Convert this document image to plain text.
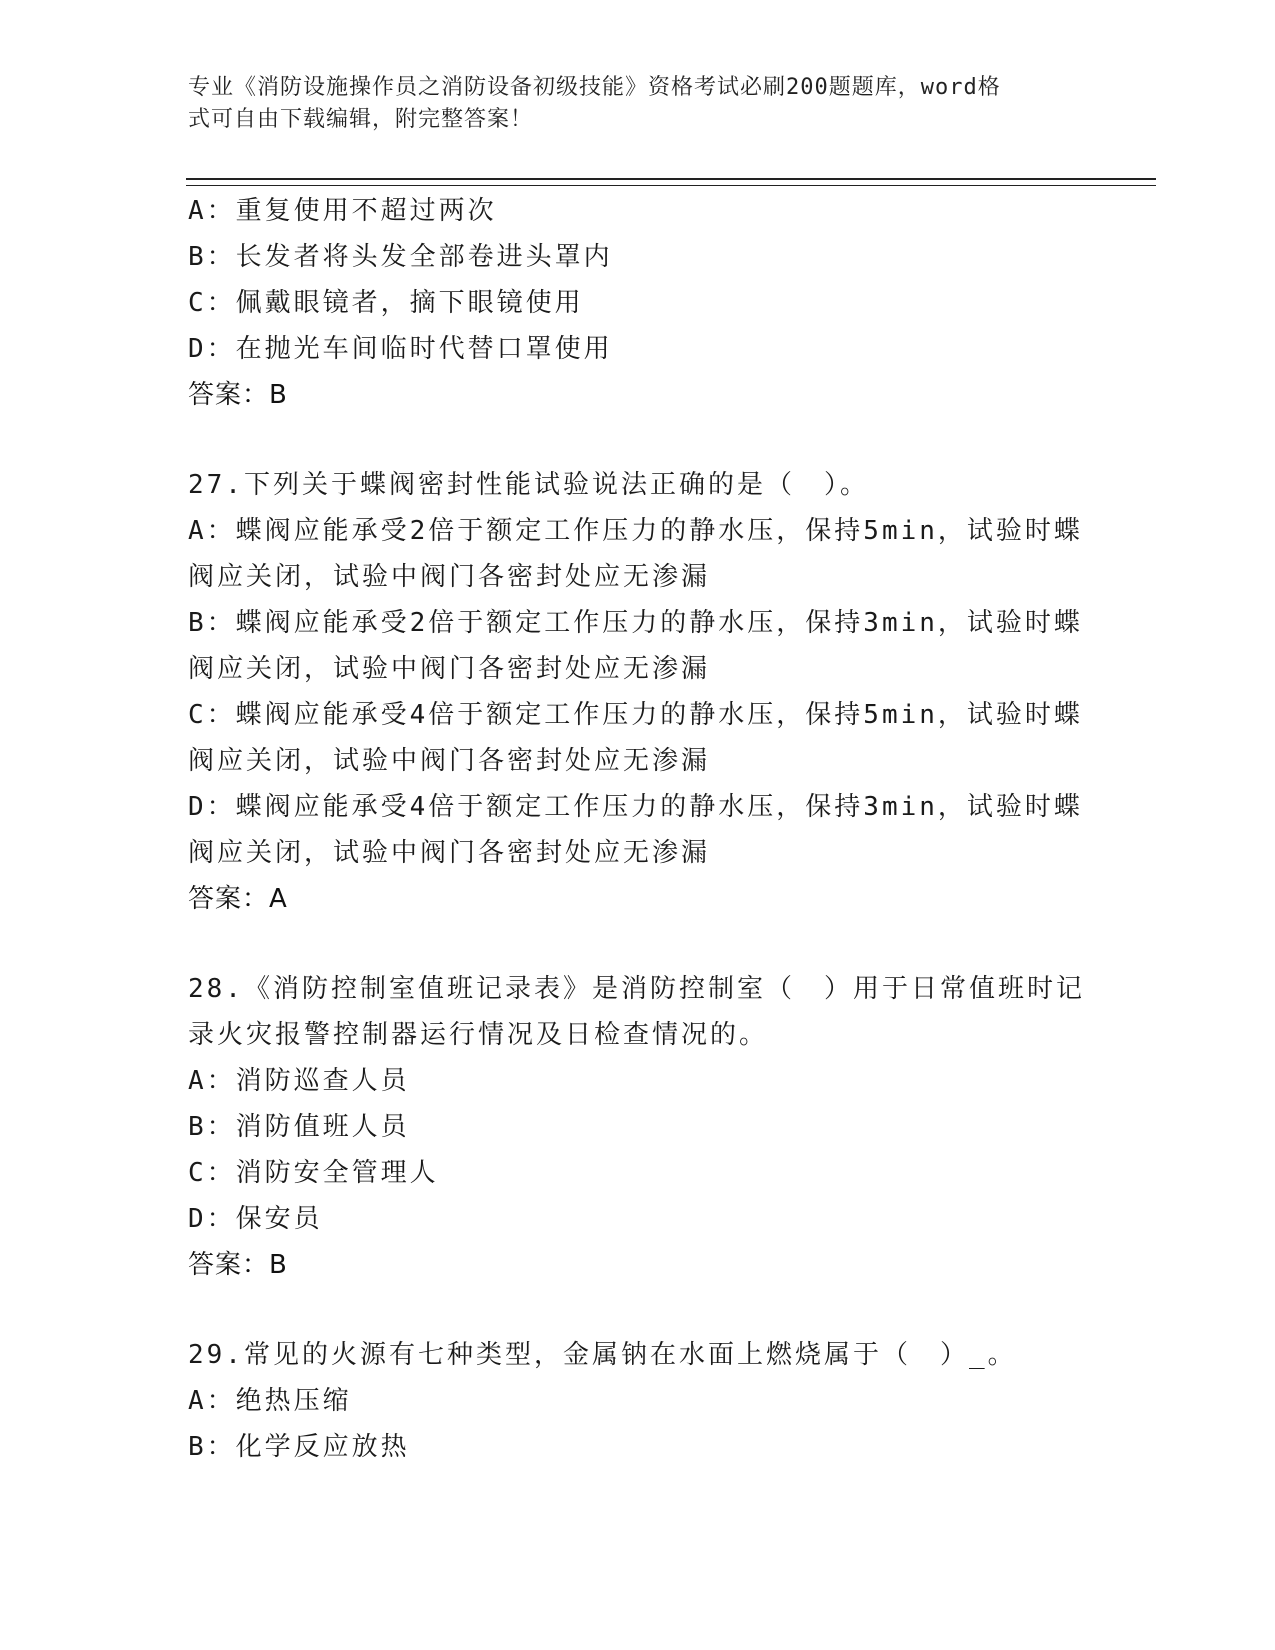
专业《消防设施操作员之消防设备初级技能》资格考试必刷200题题库，word格
式可自由下载编辑，附完整答案！
A：重复使用不超过两次
B：长发者将头发全部卷进头罩内
C：佩戴眼镜者，摘下眼镜使用
D：在抛光车间临时代替口罩使用
答案：B
27.下列关于蝶阀密封性能试验说法正确的是（　）。
A：蝶阀应能承受2倍于额定工作压力的静水压，保持5min，试验时蝶
阀应关闭，试验中阀门各密封处应无渗漏
B：蝶阀应能承受2倍于额定工作压力的静水压，保持3min，试验时蝶
阀应关闭，试验中阀门各密封处应无渗漏
C：蝶阀应能承受4倍于额定工作压力的静水压，保持5min，试验时蝶
阀应关闭，试验中阀门各密封处应无渗漏
D：蝶阀应能承受4倍于额定工作压力的静水压，保持3min，试验时蝶
阀应关闭，试验中阀门各密封处应无渗漏
答案：A
28.《消防控制室值班记录表》是消防控制室（　）用于日常值班时记
录火灾报警控制器运行情况及日检查情况的。
A：消防巡查人员
B：消防值班人员
C：消防安全管理人
D：保安员
答案：B
29.常见的火源有七种类型，金属钠在水面上燃烧属于（　）_。
A：绝热压缩
B：化学反应放热
